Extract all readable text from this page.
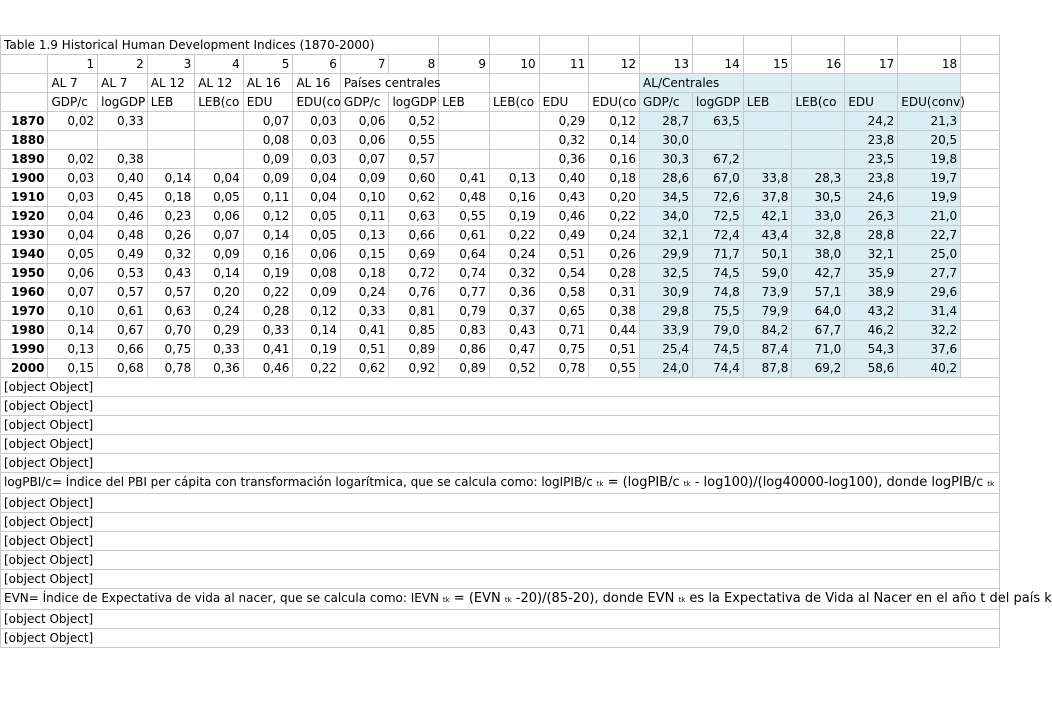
Table 1.9 Historical Human Development Indices (1870-2000)																			
	1	2	3	4	5	6	7	8	9	10	11	12	13	14	15	16	17	18	
	AL 7	AL 7	AL 12	AL 12	AL 16	AL 16	Países centrales						AL/Centrales						
	GDP/c	logGDP	LEB	LEB(co	EDU	EDU(co	GDP/c	logGDP	LEB	LEB(co	EDU	EDU(co	GDP/c	logGDP	LEB	LEB(co	EDU	EDU(conv)	
1870	0,02	0,33			0,07	0,03	0,06	0,52			0,29	0,12	28,7	63,5			24,2	21,3	
1880					0,08	0,03	0,06	0,55			0,32	0,14	30,0				23,8	20,5	
1890	0,02	0,38			0,09	0,03	0,07	0,57			0,36	0,16	30,3	67,2			23,5	19,8	
1900	0,03	0,40	0,14	0,04	0,09	0,04	0,09	0,60	0,41	0,13	0,40	0,18	28,6	67,0	33,8	28,3	23,8	19,7	
1910	0,03	0,45	0,18	0,05	0,11	0,04	0,10	0,62	0,48	0,16	0,43	0,20	34,5	72,6	37,8	30,5	24,6	19,9	
1920	0,04	0,46	0,23	0,06	0,12	0,05	0,11	0,63	0,55	0,19	0,46	0,22	34,0	72,5	42,1	33,0	26,3	21,0	
1930	0,04	0,48	0,26	0,07	0,14	0,05	0,13	0,66	0,61	0,22	0,49	0,24	32,1	72,4	43,4	32,8	28,8	22,7	
1940	0,05	0,49	0,32	0,09	0,16	0,06	0,15	0,69	0,64	0,24	0,51	0,26	29,9	71,7	50,1	38,0	32,1	25,0	
1950	0,06	0,53	0,43	0,14	0,19	0,08	0,18	0,72	0,74	0,32	0,54	0,28	32,5	74,5	59,0	42,7	35,9	27,7	
1960	0,07	0,57	0,57	0,20	0,22	0,09	0,24	0,76	0,77	0,36	0,58	0,31	30,9	74,8	73,9	57,1	38,9	29,6	
1970	0,10	0,61	0,63	0,24	0,28	0,12	0,33	0,81	0,79	0,37	0,65	0,38	29,8	75,5	79,9	64,0	43,2	31,4	
1980	0,14	0,67	0,70	0,29	0,33	0,14	0,41	0,85	0,83	0,43	0,71	0,44	33,9	79,0	84,2	67,7	46,2	32,2	
1990	0,13	0,66	0,75	0,33	0,41	0,19	0,51	0,89	0,86	0,47	0,75	0,51	25,4	74,5	87,4	71,0	54,3	37,6	
2000	0,15	0,68	0,78	0,36	0,46	0,22	0,62	0,92	0,89	0,52	0,78	0,55	24,0	74,4	87,8	69,2	58,6	40,2	
[object Object]																			
[object Object]																			
[object Object]																			
[object Object]																			
[object Object]																			
logPBI/c= Índice del PBI per cápita con transformación logarítmica, que se calcula como: logIPIB/c tk = (logPIB/c tk - log100)/(log40000-log100), donde logPIB/c tk																			
[object Object]																			
[object Object]																			
[object Object]																			
[object Object]																			
[object Object]																			
EVN= Índice de Expectativa de vida al nacer, que se calcula como: IEVN tk = (EVN tk -20)/(85-20), donde EVN tk es la Expectativa de Vida al Nacer en el año t del país k																			
[object Object]																			
[object Object]																			
